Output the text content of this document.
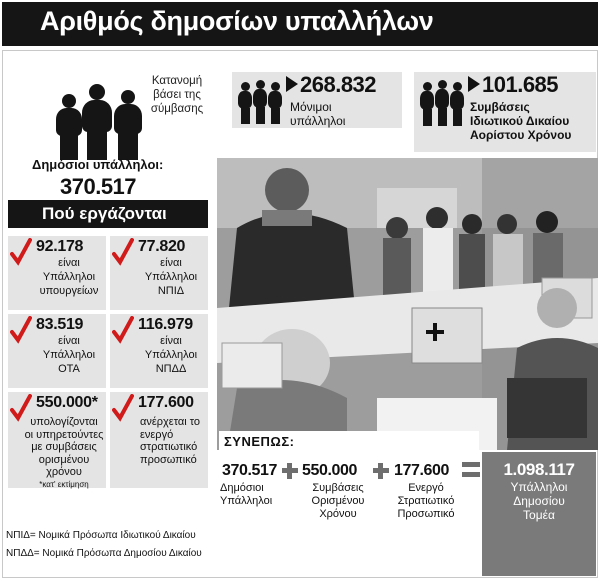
Αριθμός δημοσίων υπαλλήλων
Κατανομή
βάσει της
σύμβασης
268.832
Μόνιμοι
υπάλληλοι
101.685
Συμβάσεις
Ιδιωτικού Δικαίου
Αορίστου Χρόνου
Δημόσιοι υπάλληλοι:
370.517
Πού εργάζονται
92.178
είναι
Υπάλληλοι
υπουργείων
77.820
είναι
Υπάλληλοι
ΝΠΙΔ
83.519
είναι
Υπάλληλοι
ΟΤΑ
116.979
είναι
Υπάλληλοι
ΝΠΔΔ
550.000*
υπολογίζονται
οι υπηρετούντες
με συμβάσεις
ορισμένου
χρόνου
*κατ' εκτίμηση
177.600
ανέρχεται το
ενεργό
στρατιωτικό
προσωπικό
ΝΠΙΔ= Νομικά Πρόσωπα Ιδιωτικού Δικαίου
ΝΠΔΔ= Νομικά Πρόσωπα Δημοσίου Δικαίου
ΣΥΝΕΠΩΣ:
370.517
Δημόσιοι
Υπάλληλοι
550.000
Συμβάσεις
Ορισμένου
Χρόνου
177.600
Ενεργό
Στρατιωτικό
Προσωπικό
1.098.117
Υπάλληλοι
Δημοσίου
Τομέα
